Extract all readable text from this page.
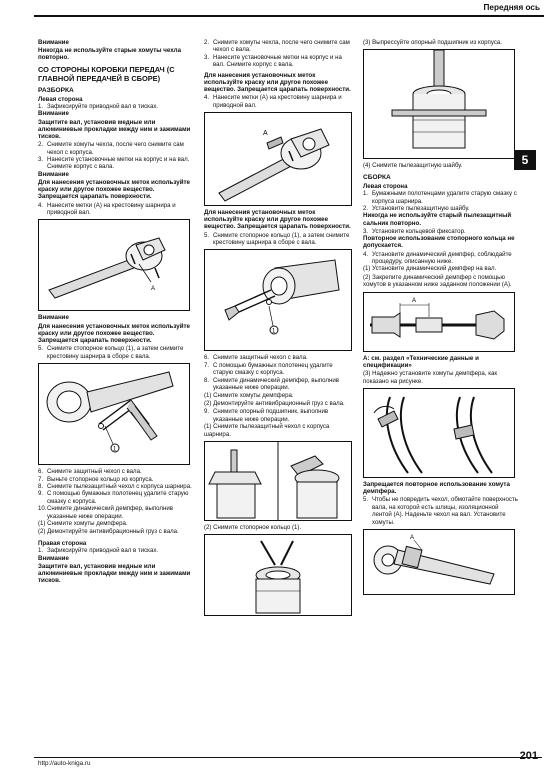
Передняя ось
5
Внимание
Никогда не используйте старые хомуты чехла повторно.
СО СТОРОНЫ КОРОБКИ ПЕРЕДАЧ (С ГЛАВНОЙ ПЕРЕДАЧЕЙ В СБОРЕ)
РАЗБОРКА
Левая сторона
1. Зафиксируйте приводной вал в тисках.
Внимание
Защитите вал, установив медные или алюминиевые прокладки между ним и зажимами тисков.
2. Снимите хомуты чехла, после чего снимите сам чехол с корпуса.
3. Нанесите установочные метки на корпус и на вал. Снимите корпус с вала.
Внимание
Для нанесения установочных меток используйте краску или другое похожее вещество. Запрещается царапать поверхности.
4. Нанесите метки (А) на крестовину шарнира и приводной вал.
A
Внимание
Для нанесения установочных меток используйте краску или другое похожее вещество. Запрещается царапать поверхности.
5. Снимите стопорное кольцо (1), а затем снимите крестовину шарнира в сборе с вала.
1
6. Снимите защитный чехол с вала.
7. Выньте стопорное кольцо из корпуса.
8. Снимите пылезащитный чехол с корпуса шарнира.
9. С помощью бумажных полотенец удалите старую смазку с корпуса.
10. Снимите динамический демпфер, выполнив указанные ниже операции.
(1) Снимите хомуты демпфера.
(2) Демонтируйте антивибрационный груз с вала.
Правая сторона
1. Зафиксируйте приводной вал в тисках.
Внимание
Защитите вал, установив медные или алюминиевые прокладки между ним и зажимами тисков.
2. Снимите хомуты чехла, после чего снимите сам чехол с вала.
3. Нанесите установочные метки на корпус и на вал. Снимите корпус с вала.
Для нанесения установочных меток используйте краску или другое похожее вещество. Запрещается царапать поверхности.
4. Нанесите метки (А) на крестовину шарнира и приводной вал.
A
Для нанесения установочных меток используйте краску или другое похожее вещество. Запрещается царапать поверхности.
5. Снимите стопорное кольцо (1), а затем снимите крестовину шарнира в сборе с вала.
1
6. Снимите защитный чехол с вала.
7. С помощью бумажных полотенец удалите старую смазку с корпуса.
8. Снимите динамический демпфер, выполнив указанные ниже операции.
(1) Снимите хомуты демпфера.
(2) Демонтируйте антивибрационный груз с вала.
9. Снимите опорный подшипник, выполнив указанные ниже операции.
(1) Снимите пылезащитный чехол с корпуса шарнира.
(2) Снимите стопорное кольцо (1).
(3) Выпрессуйте опорный подшипник из корпуса.
(4) Снимите пылезащитную шайбу.
СБОРКА
Левая сторона
1. Бумажными полотенцами удалите старую смазку с корпуса шарнира.
2. Установите пылезащитную шайбу.
Никогда не используйте старый пылезащитный сальник повторно.
3. Установите кольцевой фиксатор.
Повторное использование стопорного кольца не допускается.
4. Установите динамический демпфер, соблюдайте процедуру, описанную ниже.
(1) Установите динамический демпфер на вал.
(2) Закрепите динамический демпфер с помощью хомутов в указанном ниже заданном положении (А).
A
А: см. раздел «Технические данные и спецификации»
(3) Надежно установите хомуты демпфера, как показано на рисунке.
Запрещается повторное использование хомута демпфера.
5. Чтобы не повредить чехол, обмотайте поверхность вала, на которой есть шлицы, изоляционной лентой (А). Наденьте чехол на вал. Установите хомуты.
A
http://auto-kniga.ru
201
